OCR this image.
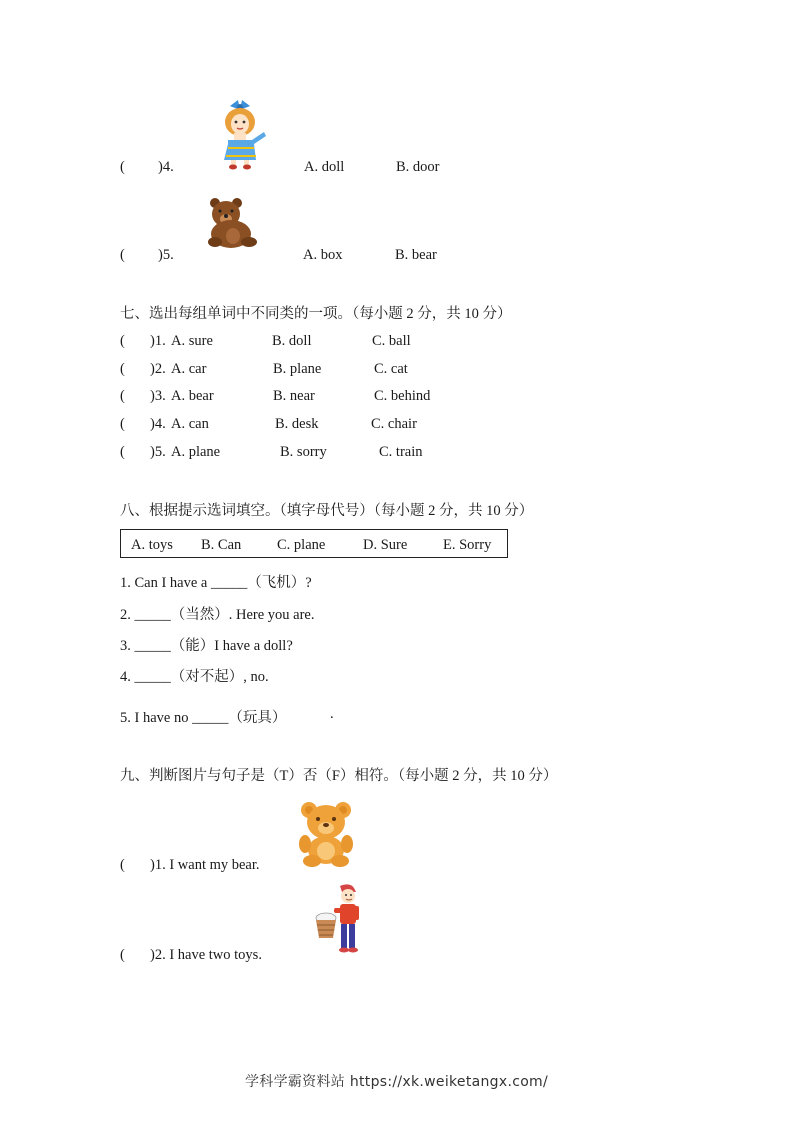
( )4.	A. doll	B. door
( )5.	A. box	B. bear
七、选出每组单词中不同类的一项。（每小题 2 分，共 10 分）
( )1. A. sure	B. doll	C. ball
( )2. A. car	B. plane	C. cat
( )3. A. bear	B. near	C. behind
( )4. A. can	B. desk	C. chair
( )5. A. plane	B. sorry	C. train
八、根据提示选词填空。（填字母代号）（每小题 2 分，共 10 分）
A. toys B. Can C. plane	D. Sure E. Sorry
1. Can I have a _____（飞机）?
2. _____（当然）. Here you are.
3. _____（能）I have a doll?
4. _____（对不起）, no.
5. I have no _____（玩具）	.
九、判断图片与句子是（T）否（F）相符。（每小题 2 分，共 10 分）
( )1. I want my bear.
( )2. I have two toys.
学科学霸资料站 https://xk.weiketangx.com/
